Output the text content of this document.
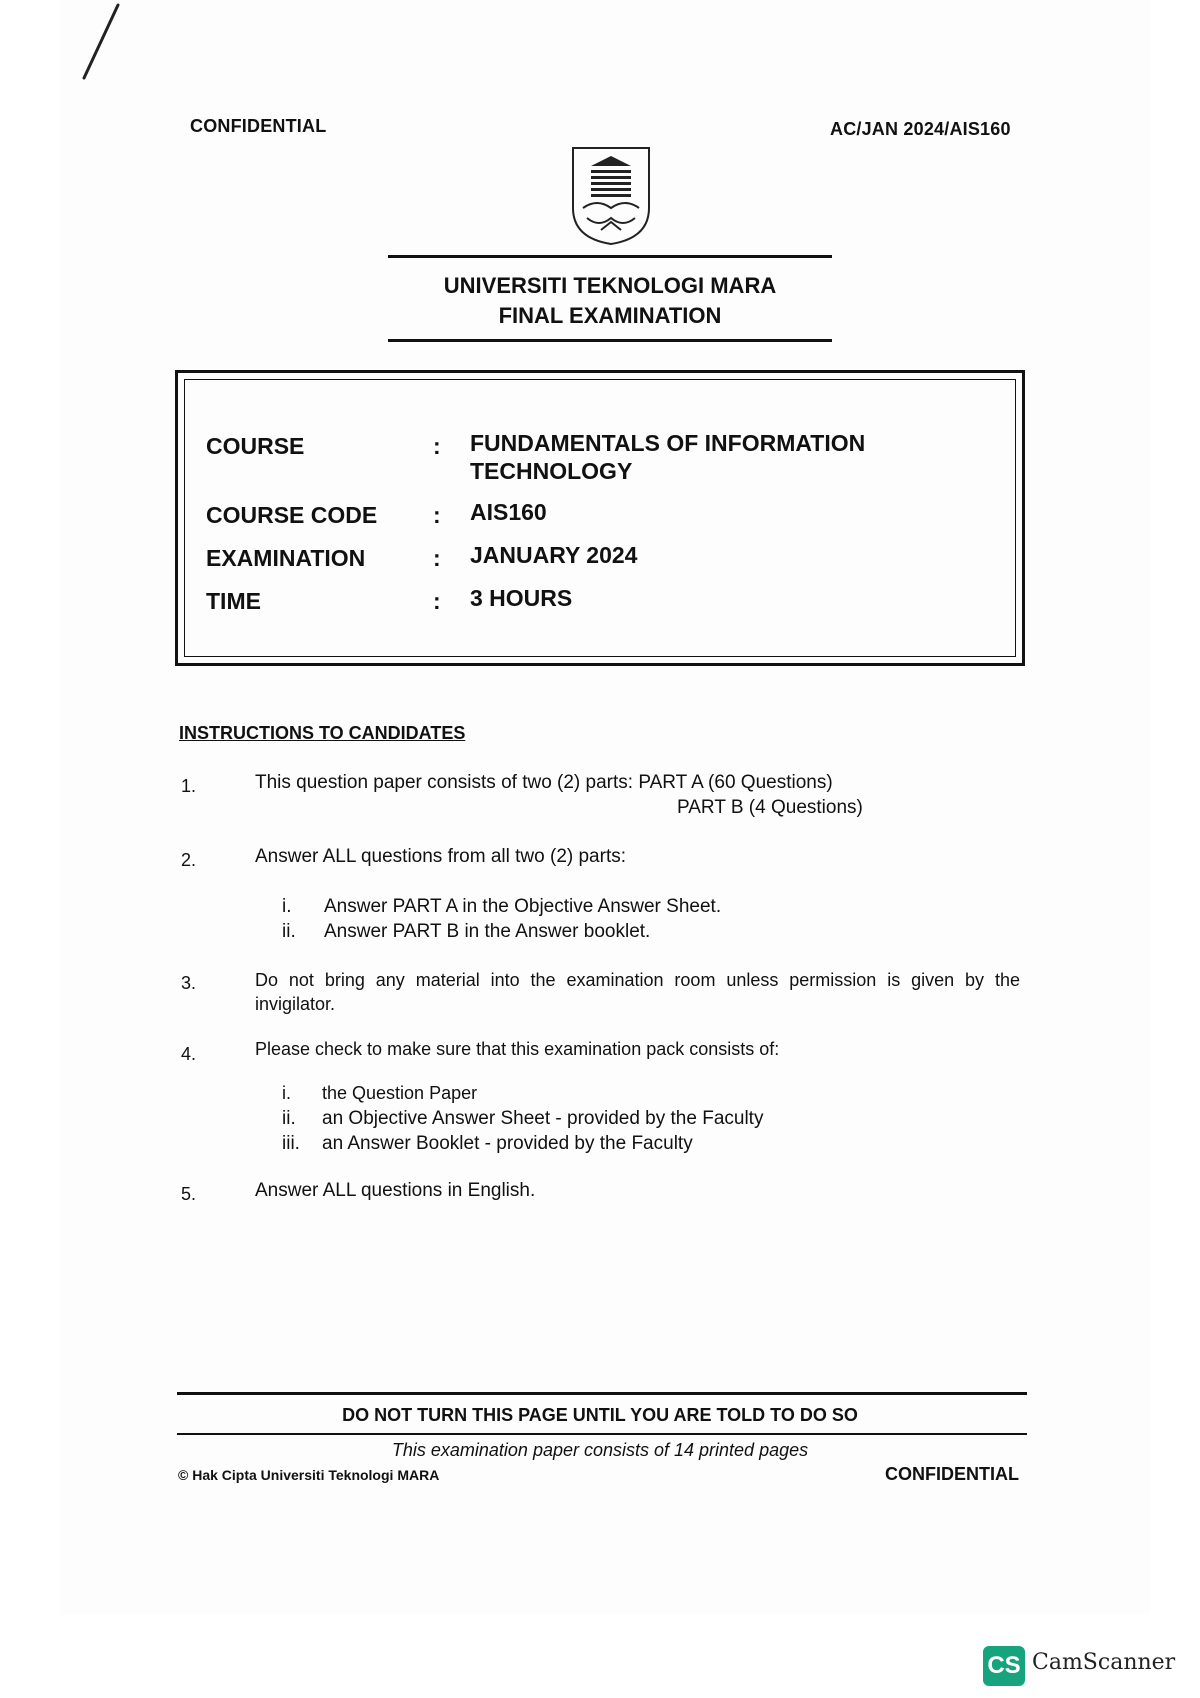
CONFIDENTIAL	AC/JAN 2024/AIS160
UNIVERSITI TEKNOLOGI MARA
FINAL EXAMINATION
COURSE	: FUNDAMENTALS OF INFORMATION TECHNOLOGY
COURSE CODE	: AIS160
EXAMINATION	: JANUARY 2024
TIME	: 3 HOURS
INSTRUCTIONS TO CANDIDATES
1.	This question paper consists of two (2) parts: PART A (60 Questions)
PART B (4 Questions)
2.	Answer ALL questions from all two (2) parts:
i. Answer PART A in the Objective Answer Sheet.
ii. Answer PART B in the Answer booklet.
3.	Do not bring any material into the examination room unless permission is given by the invigilator.
4.	Please check to make sure that this examination pack consists of:
i. the Question Paper
ii. an Objective Answer Sheet - provided by the Faculty
iii. an Answer Booklet - provided by the Faculty
5.	Answer ALL questions in English.
DO NOT TURN THIS PAGE UNTIL YOU ARE TOLD TO DO SO
This examination paper consists of 14 printed pages
© Hak Cipta Universiti Teknologi MARA	CONFIDENTIAL
CS CamScanner
